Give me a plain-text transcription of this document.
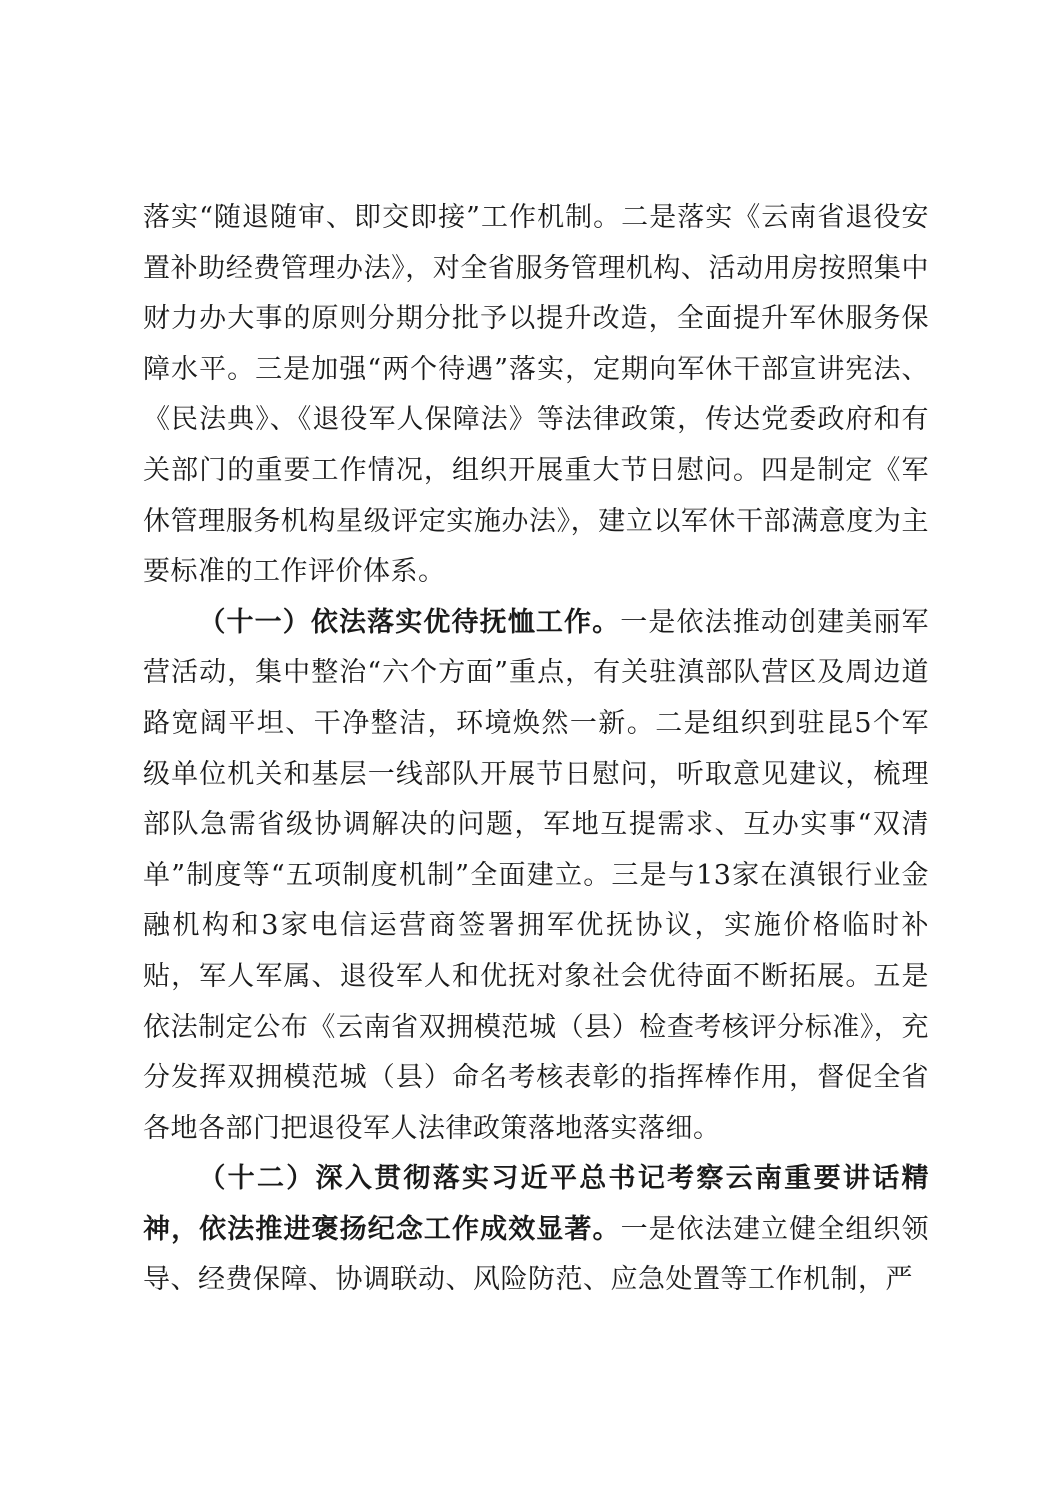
落实“随退随审、即交即接”工作机制。二是落实《云南省退役安置补助经费管理办法》，对全省服务管理机构、活动用房按照集中财力办大事的原则分期分批予以提升改造，全面提升军休服务保障水平。三是加强“两个待遇”落实，定期向军休干部宣讲宪法、《民法典》、《退役军人保障法》等法律政策，传达党委政府和有关部门的重要工作情况，组织开展重大节日慰问。四是制定《军休管理服务机构星级评定实施办法》，建立以军休干部满意度为主要标准的工作评价体系。

（十一）依法落实优待抚恤工作。一是依法推动创建美丽军营活动，集中整治“六个方面”重点，有关驻滇部队营区及周边道路宽阔平坦、干净整洁，环境焕然一新。二是组织到驻昆5个军级单位机关和基层一线部队开展节日慰问，听取意见建议，梳理部队急需省级协调解决的问题，军地互提需求、互办实事“双清单”制度等“五项制度机制”全面建立。三是与13家在滇银行业金融机构和3家电信运营商签署拥军优抚协议，实施价格临时补贴，军人军属、退役军人和优抚对象社会优待面不断拓展。五是依法制定公布《云南省双拥模范城（县）检查考核评分标准》，充分发挥双拥模范城（县）命名考核表彰的指挥棒作用，督促全省各地各部门把退役军人法律政策落地落实落细。

（十二）深入贯彻落实习近平总书记考察云南重要讲话精神，依法推进褒扬纪念工作成效显著。一是依法建立健全组织领导、经费保障、协调联动、风险防范、应急处置等工作机制，严
